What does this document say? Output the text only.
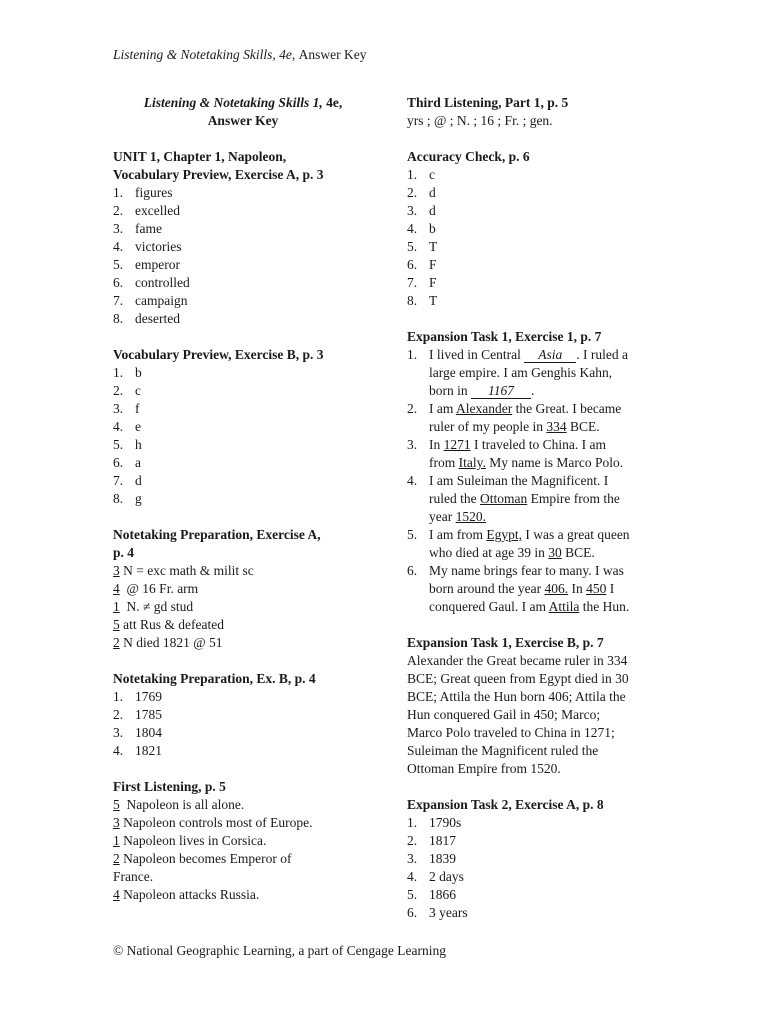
Listening & Notetaking Skills, 4e, Answer Key
Listening & Notetaking Skills 1, 4e,
Answer Key
UNIT 1, Chapter 1, Napoleon,
Vocabulary Preview, Exercise A, p. 3
1. figures
2. excelled
3. fame
4. victories
5. emperor
6. controlled
7. campaign
8. deserted
Vocabulary Preview, Exercise B, p. 3
1. b
2. c
3. f
4. e
5. h
6. a
7. d
8. g
Notetaking Preparation, Exercise A,
p. 4
3 N = exc math & milit sc
4  @ 16 Fr. arm
1  N. ≠ gd stud
5 att Rus & defeated
2 N died 1821 @ 51
Notetaking Preparation, Ex. B, p. 4
1. 1769
2. 1785
3. 1804
4. 1821
First Listening, p. 5
5  Napoleon is all alone.
3 Napoleon controls most of Europe.
1 Napoleon lives in Corsica.
2 Napoleon becomes Emperor of
France.
4 Napoleon attacks Russia.
Third Listening, Part 1, p. 5
yrs ; @ ; N. ; 16 ; Fr. ; gen.
Accuracy Check, p. 6
1. c
2. d
3. d
4. b
5. T
6. F
7. F
8. T
Expansion Task 1, Exercise 1, p. 7
1. I lived in Central Asia . I ruled a
large empire. I am Genghis Kahn,
born in 1167 .
2. I am Alexander the Great. I became
ruler of my people in 334 BCE.
3. In 1271 I traveled to China. I am
from Italy. My name is Marco Polo.
4. I am Suleiman the Magnificent. I
ruled the Ottoman Empire from the
year 1520.
5. I am from Egypt, I was a great queen
who died at age 39 in 30 BCE.
6. My name brings fear to many. I was
born around the year 406. In 450 I
conquered Gaul. I am Attila the Hun.
Expansion Task 1, Exercise B, p. 7
Alexander the Great became ruler in 334
BCE; Great queen from Egypt died in 30
BCE; Attila the Hun born 406; Attila the
Hun conquered Gail in 450; Marco;
Marco Polo traveled to China in 1271;
Suleiman the Magnificent ruled the
Ottoman Empire from 1520.
Expansion Task 2, Exercise A, p. 8
1. 1790s
2. 1817
3. 1839
4. 2 days
5. 1866
6. 3 years
© National Geographic Learning, a part of Cengage Learning
